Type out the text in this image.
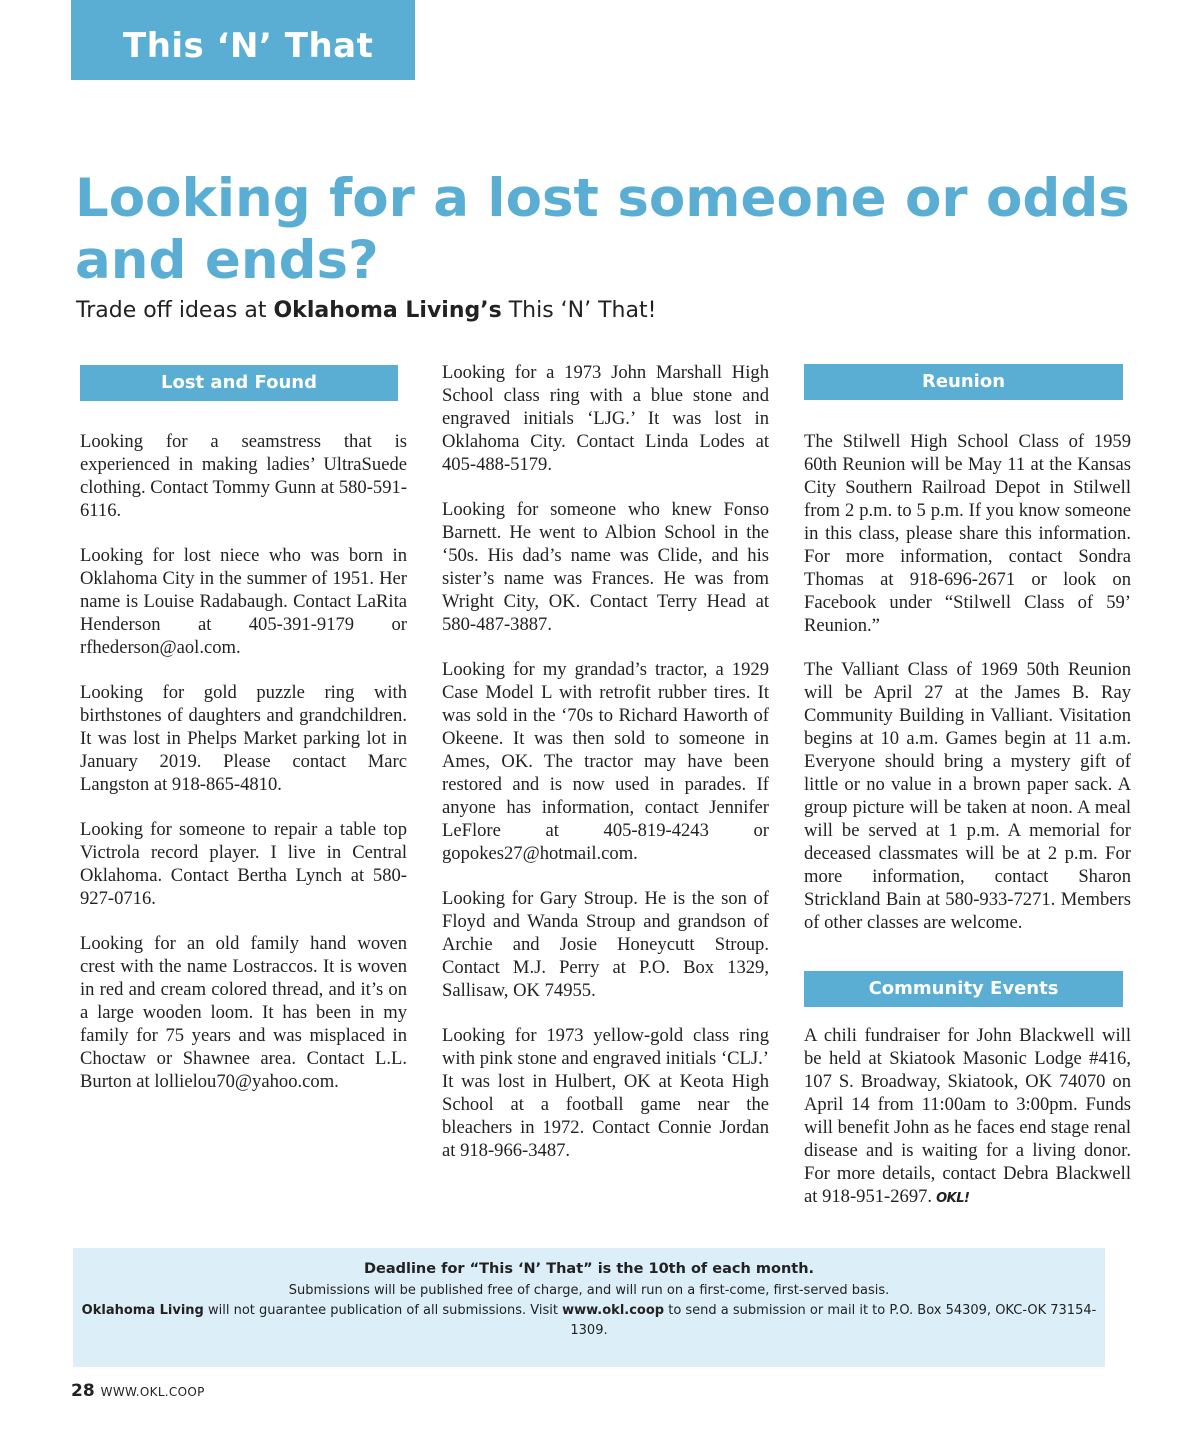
This ‘N’ That
Looking for a lost someone or odds and ends?
Trade off ideas at Oklahoma Living’s This ‘N’ That!
Lost and Found

Looking for a seamstress that is experienced in making ladies’ UltraSuede clothing. Contact Tommy Gunn at 580-591-6116.

Looking for lost niece who was born in Oklahoma City in the summer of 1951. Her name is Louise Radabaugh. Contact LaRita Henderson at 405-391-9179 or rfhederson@aol.com.

Looking for gold puzzle ring with birthstones of daughters and grandchildren. It was lost in Phelps Market parking lot in January 2019. Please contact Marc Langston at 918-865-4810.

Looking for someone to repair a table top Victrola record player. I live in Central Oklahoma. Contact Bertha Lynch at 580-927-0716.

Looking for an old family hand woven crest with the name Lostraccos. It is woven in red and cream colored thread, and it’s on a large wooden loom. It has been in my family for 75 years and was misplaced in Choctaw or Shawnee area. Contact L.L. Burton at lollielou70@yahoo.com.

Looking for a 1973 John Marshall High School class ring with a blue stone and engraved initials ‘LJG.’ It was lost in Oklahoma City. Contact Linda Lodes at 405-488-5179.

Looking for someone who knew Fonso Barnett. He went to Albion School in the ‘50s. His dad’s name was Clide, and his sister’s name was Frances. He was from Wright City, OK. Contact Terry Head at 580-487-3887.

Looking for my grandad’s tractor, a 1929 Case Model L with retrofit rubber tires. It was sold in the ‘70s to Richard Haworth of Okeene. It was then sold to someone in Ames, OK. The tractor may have been restored and is now used in parades. If anyone has information, contact Jennifer LeFlore at 405-819-4243 or gopokes27@hotmail.com.

Looking for Gary Stroup. He is the son of Floyd and Wanda Stroup and grandson of Archie and Josie Honeycutt Stroup. Contact M.J. Perry at P.O. Box 1329, Sallisaw, OK 74955.

Looking for 1973 yellow-gold class ring with pink stone and engraved initials ‘CLJ.’ It was lost in Hulbert, OK at Keota High School at a football game near the bleachers in 1972. Contact Connie Jordan at 918-966-3487.

Reunion

The Stilwell High School Class of 1959 60th Reunion will be May 11 at the Kansas City Southern Railroad Depot in Stilwell from 2 p.m. to 5 p.m. If you know someone in this class, please share this information. For more information, contact Sondra Thomas at 918-696-2671 or look on Facebook under “Stilwell Class of 59’ Reunion.”

The Valliant Class of 1969 50th Reunion will be April 27 at the James B. Ray Community Building in Valliant. Visitation begins at 10 a.m. Games begin at 11 a.m. Everyone should bring a mystery gift of little or no value in a brown paper sack. A group picture will be taken at noon. A meal will be served at 1 p.m. A memorial for deceased classmates will be at 2 p.m. For more information, contact Sharon Strickland Bain at 580-933-7271. Members of other classes are welcome.

Community Events

A chili fundraiser for John Blackwell will be held at Skiatook Masonic Lodge #416, 107 S. Broadway, Skiatook, OK 74070 on April 14 from 11:00am to 3:00pm. Funds will benefit John as he faces end stage renal disease and is waiting for a living donor. For more details, contact Debra Blackwell at 918-951-2697. OKL!

Deadline for “This ‘N’ That” is the 10th of each month.
Submissions will be published free of charge, and will run on a first-come, first-served basis.
Oklahoma Living will not guarantee publication of all submissions. Visit www.okl.coop to send a submission or mail it to P.O. Box 54309, OKC-OK 73154-1309.
28 WWW.OKL.COOP
